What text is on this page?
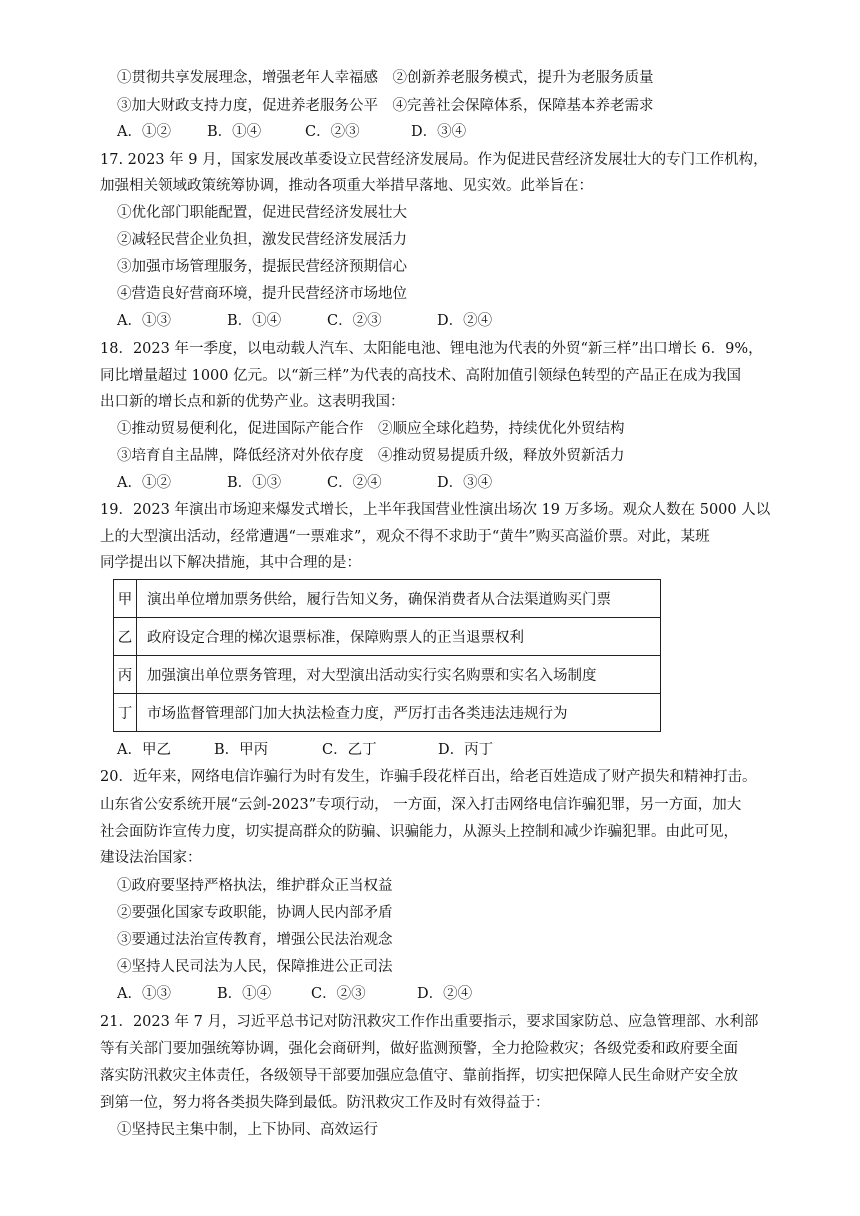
①贯彻共享发展理念，增强老年人幸福感　②创新养老服务模式，提升为老服务质量
③加大财政支持力度，促进养老服务公平　④完善社会保障体系，保障基本养老需求
A．①② B．①④	C．②③	D．③④
17. 2023 年 9 月，国家发展改革委设立民营经济发展局。作为促进民营经济发展壮大的专门工作机构，
加强相关领域政策统筹协调，推动各项重大举措早落地、见实效。此举旨在：
①优化部门职能配置，促进民营经济发展壮大
②减轻民营企业负担，激发民营经济发展活力
③加强市场管理服务，提振民营经济预期信心
④营造良好营商环境，提升民营经济市场地位
A．①③	B．①④	C．②③	D．②④
18．2023 年一季度，以电动载人汽车、太阳能电池、锂电池为代表的外贸“新三样”出口增长 6．9%，
同比增量超过 1000 亿元。以“新三样”为代表的高技术、高附加值引领绿色转型的产品正在成为我国
出口新的增长点和新的优势产业。这表明我国：
①推动贸易便利化，促进国际产能合作　②顺应全球化趋势，持续优化外贸结构
③培育自主品牌，降低经济对外依存度　④推动贸易提质升级，释放外贸新活力
A．①②	B．①③	C．②④	D．③④
19．2023 年演出市场迎来爆发式增长，上半年我国营业性演出场次 19 万多场。观众人数在 5000 人以
上的大型演出活动，经常遭遇“一票难求”，观众不得不求助于“黄牛”购买高溢价票。对此，某班
同学提出以下解决措施，其中合理的是：
甲	演出单位增加票务供给，履行告知义务，确保消费者从合法渠道购买门票
乙	政府设定合理的梯次退票标准，保障购票人的正当退票权利
丙	加强演出单位票务管理，对大型演出活动实行实名购票和实名入场制度
丁	市场监督管理部门加大执法检查力度，严厉打击各类违法违规行为
A．甲乙	B．甲丙	C．乙丁	D．丙丁
20．近年来，网络电信诈骗行为时有发生，诈骗手段花样百出，给老百姓造成了财产损失和精神打击。
山东省公安系统开展“云剑-2023”专项行动， 一方面，深入打击网络电信诈骗犯罪，另一方面，加大
社会面防诈宣传力度，切实提高群众的防骗、识骗能力，从源头上控制和减少诈骗犯罪。由此可见，
建设法治国家：
①政府要坚持严格执法，维护群众正当权益
②要强化国家专政职能，协调人民内部矛盾
③要通过法治宣传教育，增强公民法治观念
④坚持人民司法为人民，保障推进公正司法
A．①③	B．①④	C．②③	D．②④
21．2023 年 7 月，习近平总书记对防汛救灾工作作出重要指示，要求国家防总、应急管理部、水利部
等有关部门要加强统筹协调，强化会商研判，做好监测预警，全力抢险救灾；各级党委和政府要全面
落实防汛救灾主体责任，各级领导干部要加强应急值守、靠前指挥，切实把保障人民生命财产安全放
到第一位，努力将各类损失降到最低。防汛救灾工作及时有效得益于：
①坚持民主集中制，上下协同、高效运行
